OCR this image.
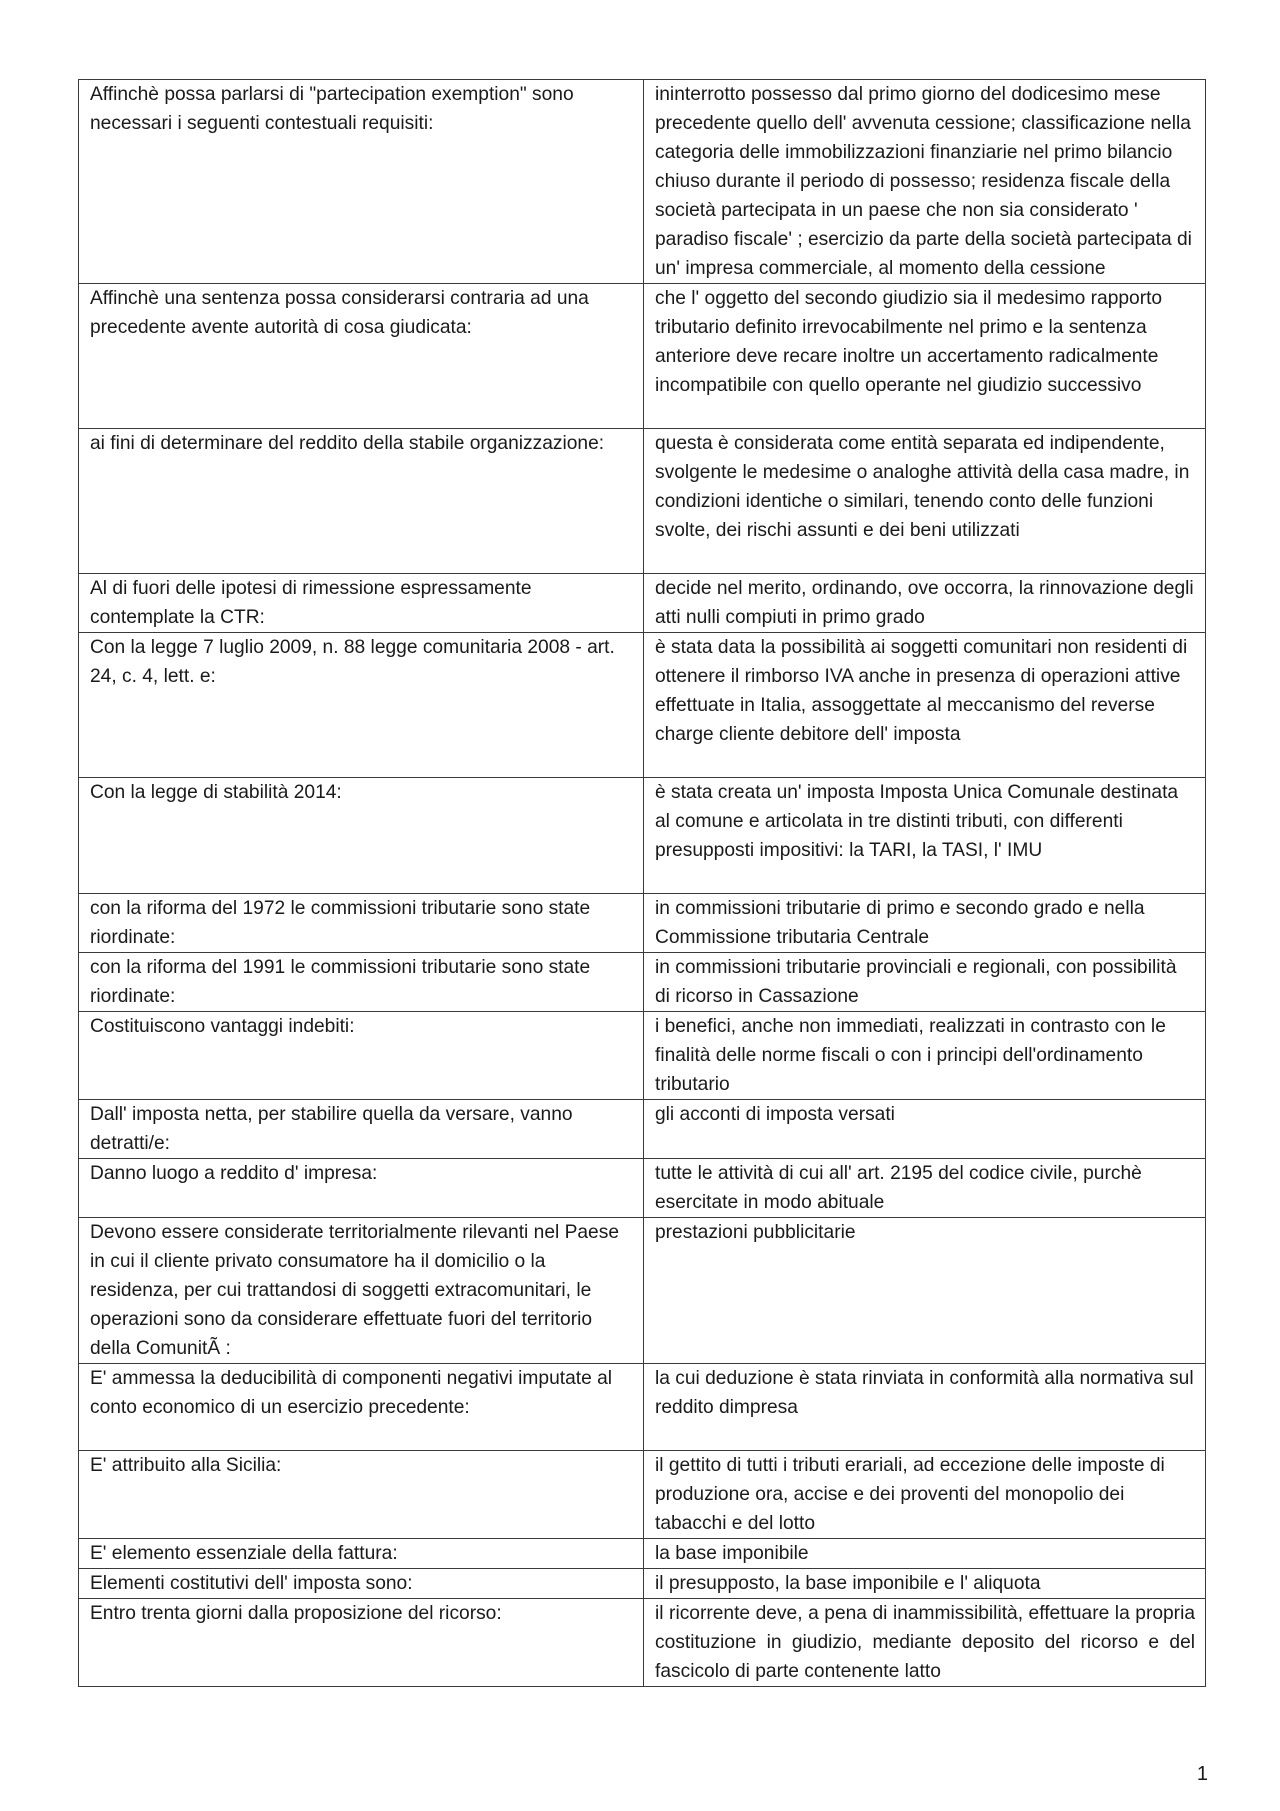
Affinchè possa parlarsi di "partecipation exemption" sono necessari i seguenti contestuali requisiti:	ininterrotto possesso dal primo giorno del dodicesimo mese precedente quello dell' avvenuta cessione; classificazione nella categoria delle immobilizzazioni finanziarie nel primo bilancio chiuso durante il periodo di possesso; residenza fiscale della società partecipata in un paese che non sia considerato ' paradiso fiscale' ; esercizio da parte della società partecipata di un' impresa commerciale, al momento della cessione
Affinchè una sentenza possa considerarsi contraria ad una precedente avente autorità di cosa giudicata:	che l' oggetto del secondo giudizio sia il medesimo rapporto tributario definito irrevocabilmente nel primo e la sentenza anteriore deve recare inoltre un accertamento radicalmente incompatibile con quello operante nel giudizio successivo
ai fini di determinare del reddito della stabile organizzazione:	questa è considerata come entità separata ed indipendente, svolgente le medesime o analoghe attività della casa madre, in condizioni identiche o similari, tenendo conto delle funzioni svolte, dei rischi assunti e dei beni utilizzati
Al di fuori delle ipotesi di rimessione espressamente contemplate la CTR:	decide nel merito, ordinando, ove occorra, la rinnovazione degli atti nulli compiuti in primo grado
Con la legge 7 luglio 2009, n. 88 legge comunitaria 2008 - art. 24, c. 4, lett. e:	è stata data la possibilità ai soggetti comunitari non residenti di ottenere il rimborso IVA anche in presenza di operazioni attive effettuate in Italia, assoggettate al meccanismo del reverse charge cliente debitore dell' imposta
Con la legge di stabilità 2014:	è stata creata un' imposta Imposta Unica Comunale destinata al comune e articolata in tre distinti tributi, con differenti presupposti impositivi: la TARI, la TASI, l' IMU
con la riforma del 1972 le commissioni tributarie sono state riordinate:	in commissioni tributarie di primo e secondo grado e nella Commissione tributaria Centrale
con la riforma del 1991 le commissioni tributarie sono state riordinate:	in commissioni tributarie provinciali e regionali, con possibilità di ricorso in Cassazione
Costituiscono vantaggi indebiti:	i benefici, anche non immediati, realizzati in contrasto con le finalità delle norme fiscali o con i principi dell'ordinamento tributario
Dall' imposta netta, per stabilire quella da versare, vanno detratti/e:	gli acconti di imposta versati
Danno luogo a reddito d' impresa:	tutte le attività di cui all' art. 2195 del codice civile, purchè esercitate in modo abituale
Devono essere considerate territorialmente rilevanti nel Paese in cui il cliente privato consumatore ha il domicilio o la residenza, per cui trattandosi di soggetti extracomunitari, le operazioni sono da considerare effettuate fuori del territorio della ComunitÃ :	prestazioni pubblicitarie
E' ammessa la deducibilità di componenti negativi imputate al conto economico di un esercizio precedente:	la cui deduzione è stata rinviata in conformità alla normativa sul reddito dimpresa
E' attribuito alla Sicilia:	il gettito di tutti i tributi erariali, ad eccezione delle imposte di produzione ora, accise e dei proventi del monopolio dei tabacchi e del lotto
E' elemento essenziale della fattura:	la base imponibile
Elementi costitutivi dell' imposta sono:	il presupposto, la base imponibile e l' aliquota
Entro trenta giorni dalla proposizione del ricorso:	il ricorrente deve, a pena di inammissibilità, effettuare la propria costituzione in giudizio, mediante deposito del ricorso e del fascicolo di parte contenente latto
1
